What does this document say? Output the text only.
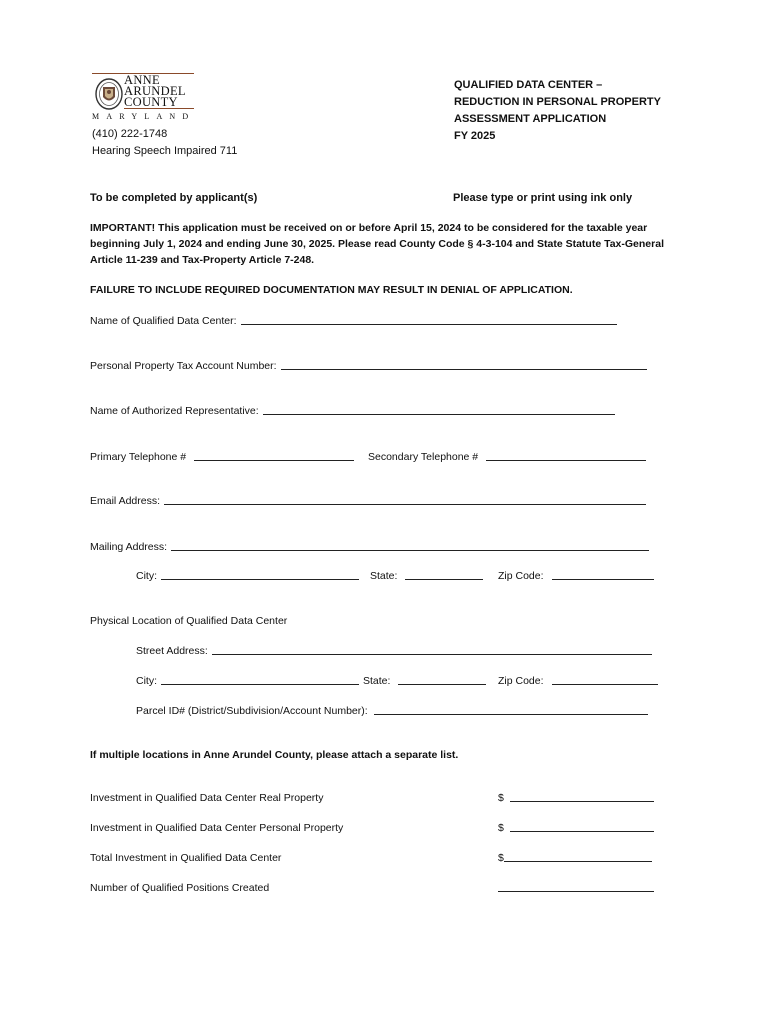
ANNE
ARUNDEL
COUNTY
MARYLAND
(410) 222-1748
Hearing Speech Impaired 711
QUALIFIED DATA CENTER –
REDUCTION IN PERSONAL PROPERTY
ASSESSMENT APPLICATION
FY 2025
To be completed by applicant(s)	Please type or print using ink only
IMPORTANT! This application must be received on or before April 15, 2024 to be considered for the taxable year beginning July 1, 2024 and ending June 30, 2025. Please read County Code § 4-3-104 and State Statute Tax-General Article 11-239 and Tax-Property Article 7-248.
FAILURE TO INCLUDE REQUIRED DOCUMENTATION MAY RESULT IN DENIAL OF APPLICATION.
Name of Qualified Data Center:
Personal Property Tax Account Number:
Name of Authorized Representative:
Primary Telephone #	Secondary Telephone #
Email Address:
Mailing Address:
City:	State:	Zip Code:
Physical Location of Qualified Data Center
Street Address:
City:	State:	Zip Code:
Parcel ID# (District/Subdivision/Account Number):
If multiple locations in Anne Arundel County, please attach a separate list.
Investment in Qualified Data Center Real Property	$
Investment in Qualified Data Center Personal Property	$
Total Investment in Qualified Data Center	$
Number of Qualified Positions Created
